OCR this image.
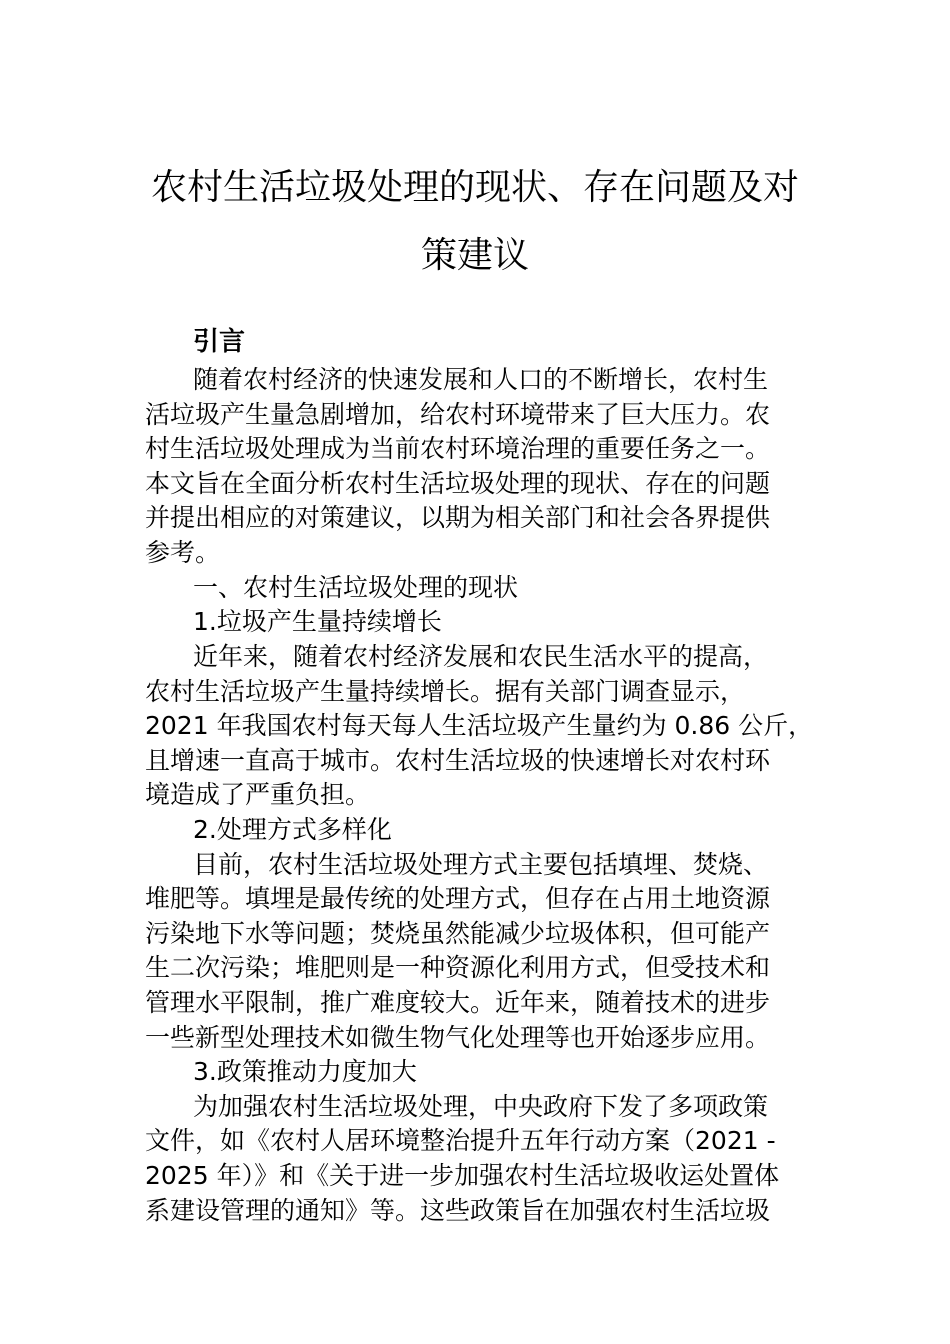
农村生活垃圾处理的现状、存在问题及对
策建议
引言
随着农村经济的快速发展和人口的不断增长，农村生
活垃圾产生量急剧增加，给农村环境带来了巨大压力。农
村生活垃圾处理成为当前农村环境治理的重要任务之一。
本文旨在全面分析农村生活垃圾处理的现状、存在的问题
并提出相应的对策建议，以期为相关部门和社会各界提供
参考。
一、农村生活垃圾处理的现状
1.垃圾产生量持续增长
近年来，随着农村经济发展和农民生活水平的提高，
农村生活垃圾产生量持续增长。据有关部门调查显示，
2021 年我国农村每天每人生活垃圾产生量约为 0.86 公斤，
且增速一直高于城市。农村生活垃圾的快速增长对农村环
境造成了严重负担。
2.处理方式多样化
目前，农村生活垃圾处理方式主要包括填埋、焚烧、
堆肥等。填埋是最传统的处理方式，但存在占用土地资源
污染地下水等问题；焚烧虽然能减少垃圾体积，但可能产
生二次污染；堆肥则是一种资源化利用方式，但受技术和
管理水平限制，推广难度较大。近年来，随着技术的进步
一些新型处理技术如微生物气化处理等也开始逐步应用。
3.政策推动力度加大
为加强农村生活垃圾处理，中央政府下发了多项政策
文件，如《农村人居环境整治提升五年行动方案（2021 -
2025 年）》和《关于进一步加强农村生活垃圾收运处置体
系建设管理的通知》等。这些政策旨在加强农村生活垃圾
